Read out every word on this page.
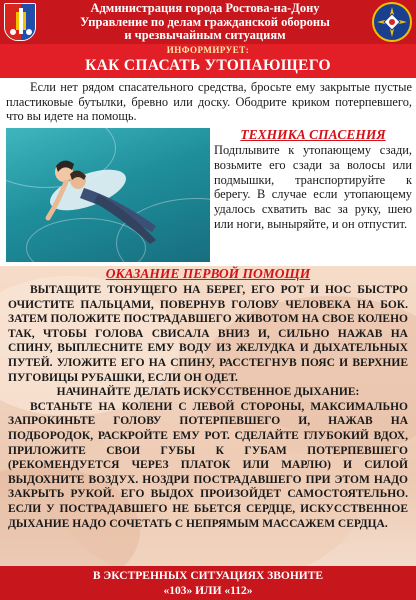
Администрация города Ростова-на-Дону
Управление по делам гражданской обороны
и чрезвычайным ситуациям
ИНФОРМИРУЕТ:
КАК СПАСАТЬ УТОПАЮЩЕГО
Если нет рядом спасательного средства, бросьте ему закрытые пустые пластиковые бутылки, бревно или доску. Ободрите криком потерпевшего, что вы идете на помощь.
ТЕХНИКА СПАСЕНИЯ
Подплывите к утопающему сзади, возьмите его сзади за волосы или подмышки, транспортируйте к берегу. В случае если утопающему удалось схватить вас за руку, шею или ноги, выныряйте, и он отпустит.
ОКАЗАНИЕ ПЕРВОЙ ПОМОЩИ

ВЫТАЩИТЕ ТОНУЩЕГО НА БЕРЕГ, ЕГО РОТ И НОС БЫСТРО ОЧИСТИТЕ ПАЛЬЦАМИ, ПОВЕРНУВ ГОЛОВУ ЧЕЛОВЕКА НА БОК. ЗАТЕМ ПОЛОЖИТЕ ПОСТРАДАВШЕГО ЖИВОТОМ НА СВОЕ КОЛЕНО ТАК, ЧТОБЫ ГОЛОВА СВИСАЛА ВНИЗ И, СИЛЬНО НАЖАВ НА СПИНУ, ВЫПЛЕСНИТЕ ЕМУ ВОДУ ИЗ ЖЕЛУДКА И ДЫХАТЕЛЬНЫХ ПУТЕЙ. УЛОЖИТЕ ЕГО НА СПИНУ, РАССТЕГНУВ ПОЯС И ВЕРХНИЕ ПУГОВИЦЫ РУБАШКИ, ЕСЛИ ОН ОДЕТ.

НАЧИНАЙТЕ ДЕЛАТЬ ИСКУССТВЕННОЕ ДЫХАНИЕ:

ВСТАНЬТЕ НА КОЛЕНИ С ЛЕВОЙ СТОРОНЫ, МАКСИМАЛЬНО ЗАПРОКИНЬТЕ ГОЛОВУ ПОТЕРПЕВШЕГО И, НАЖАВ НА ПОДБОРОДОК, РАСКРОЙТЕ ЕМУ РОТ. СДЕЛАЙТЕ ГЛУБОКИЙ ВДОХ, ПРИЛОЖИТЕ СВОИ ГУБЫ К ГУБАМ ПОТЕРПЕВШЕГО (РЕКОМЕНДУЕТСЯ ЧЕРЕЗ ПЛАТОК ИЛИ МАРЛЮ) И СИЛОЙ ВЫДОХНИТЕ ВОЗДУХ. НОЗДРИ ПОСТРАДАВШЕГО ПРИ ЭТОМ НАДО ЗАКРЫТЬ РУКОЙ. ЕГО ВЫДОХ ПРОИЗОЙДЕТ САМОСТОЯТЕЛЬНО. ЕСЛИ У ПОСТРАДАВШЕГО НЕ БЬЕТСЯ СЕРДЦЕ, ИСКУССТВЕННОЕ ДЫХАНИЕ НАДО СОЧЕТАТЬ С НЕПРЯМЫМ МАССАЖЕМ СЕРДЦА.

В ЭКСТРЕННЫХ СИТУАЦИЯХ ЗВОНИТЕ
«103» ИЛИ «112»
